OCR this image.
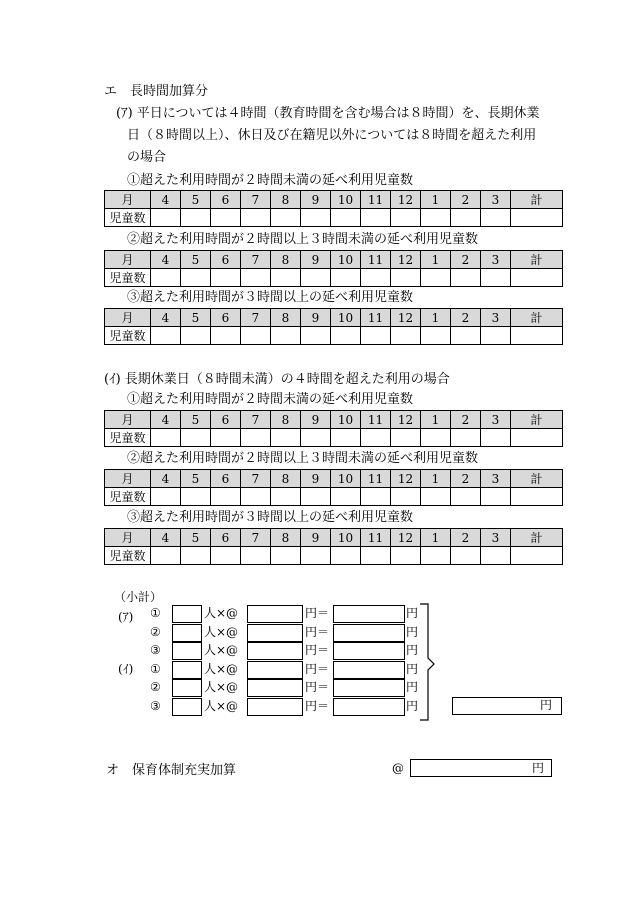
エ　長時間加算分
(ｱ) 平日については４時間（教育時間を含む場合は８時間）を、長期休業
日（８時間以上）、休日及び在籍児以外については８時間を超えた利用
の場合
①超えた利用時間が２時間未満の延べ利用児童数
月	4	5	6	7	8	9	10	11	12	1	2	3	計
児童数													
②超えた利用時間が２時間以上３時間未満の延べ利用児童数
月	4	5	6	7	8	9	10	11	12	1	2	3	計
児童数													
③超えた利用時間が３時間以上の延べ利用児童数
月	4	5	6	7	8	9	10	11	12	1	2	3	計
児童数													
(ｲ) 長期休業日（８時間未満）の４時間を超えた利用の場合
①超えた利用時間が２時間未満の延べ利用児童数
月	4	5	6	7	8	9	10	11	12	1	2	3	計
児童数													
②超えた利用時間が２時間以上３時間未満の延べ利用児童数
月	4	5	6	7	8	9	10	11	12	1	2	3	計
児童数													
③超えた利用時間が３時間以上の延べ利用児童数
月	4	5	6	7	8	9	10	11	12	1	2	3	計
児童数													
（小計）
(ｱ)
(ｲ)
①	人×@	円＝	円
②	人×@	円＝	円
③	人×@	円＝	円
①	人×@	円＝	円
②	人×@	円＝	円
③	人×@	円＝	円	円
オ　保育体制充実加算	@	円
